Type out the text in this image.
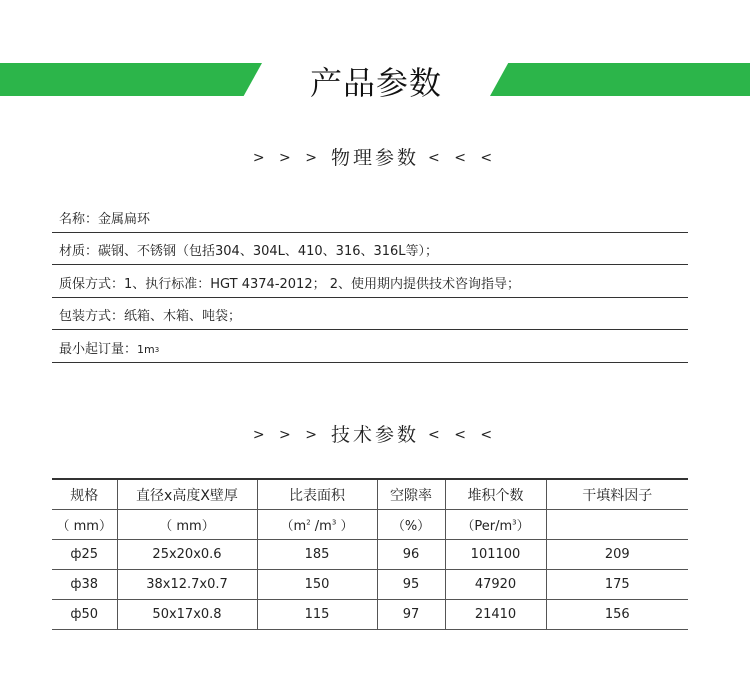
产品参数
> > > 物理参数 < < <
名称：金属扁环
材质：碳钢、不锈钢（包括304、304L、410、316、316L等）；
质保方式：1、执行标准：HGT 4374-2012； 2、使用期内提供技术咨询指导；
包装方式：纸箱、木箱、吨袋；
最小起订量： 1m 3
> > > 技术参数 < < <
规格	直径x高度X壁厚	比表面积	空隙率	堆积个数	干填料因子
（ mm）	（ mm）	（$m^2$ $/m^3$ ）	（%）	$(Per/m^3)$	
ф25	25x20x0.6	185	96	101100	209
ф38	38x12.7x0.7	150	95	47920	175
ф50	50x17x0.8	115	97	21410	156
